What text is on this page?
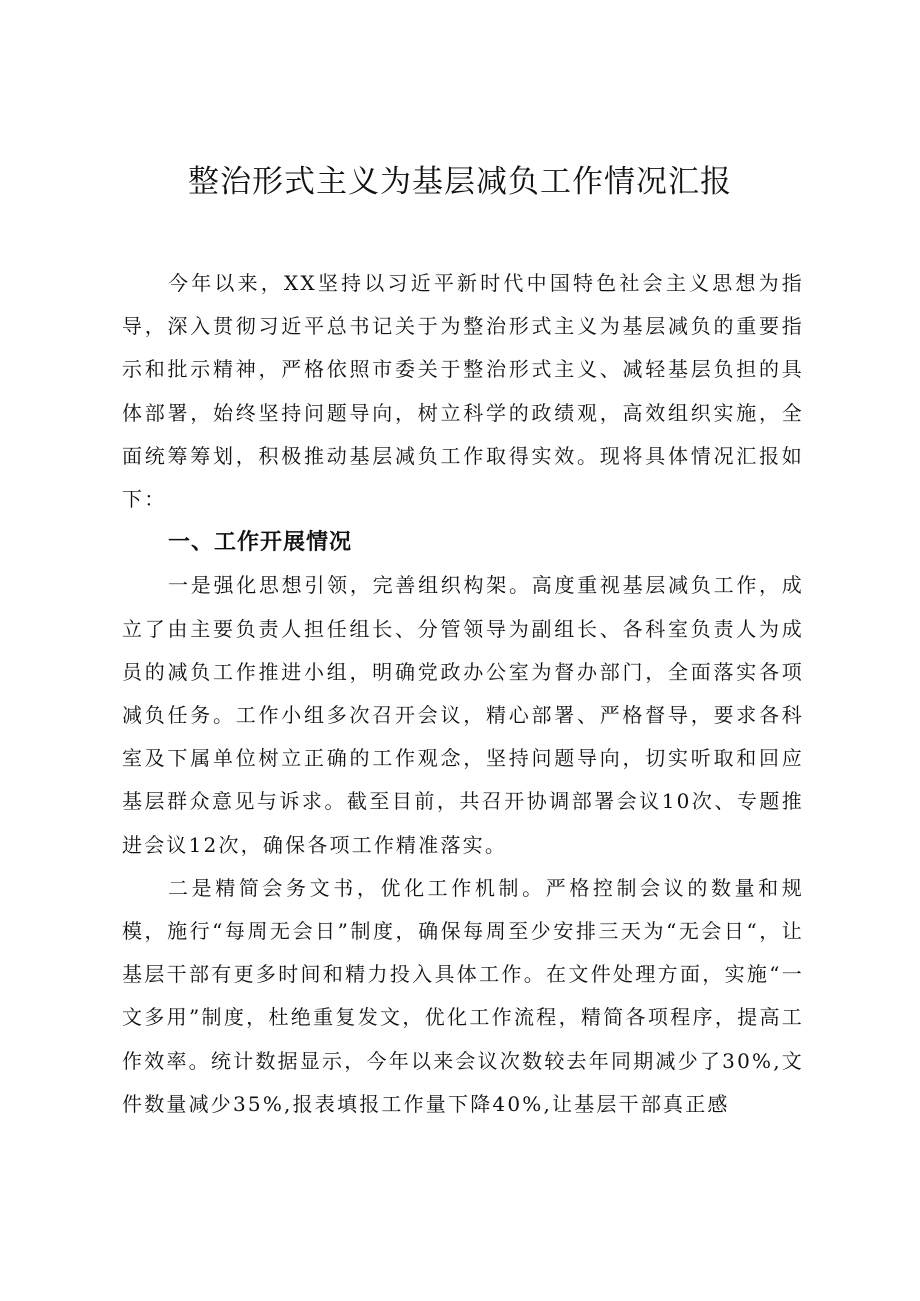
整治形式主义为基层减负工作情况汇报

今年以来，XX坚持以习近平新时代中国特色社会主义思想为指导，深入贯彻习近平总书记关于为整治形式主义为基层减负的重要指示和批示精神，严格依照市委关于整治形式主义、减轻基层负担的具体部署，始终坚持问题导向，树立科学的政绩观，高效组织实施，全面统筹筹划，积极推动基层减负工作取得实效。现将具体情况汇报如下：

一、工作开展情况

一是强化思想引领，完善组织构架。高度重视基层减负工作，成立了由主要负责人担任组长、分管领导为副组长、各科室负责人为成员的减负工作推进小组，明确党政办公室为督办部门，全面落实各项减负任务。工作小组多次召开会议，精心部署、严格督导，要求各科室及下属单位树立正确的工作观念，坚持问题导向，切实听取和回应基层群众意见与诉求。截至目前，共召开协调部署会议10次、专题推进会议12次，确保各项工作精准落实。

二是精简会务文书，优化工作机制。严格控制会议的数量和规模，施行“每周无会日”制度，确保每周至少安排三天为“无会日“，让基层干部有更多时间和精力投入具体工作。在文件处理方面，实施“一文多用”制度，杜绝重复发文，优化工作流程，精简各项程序，提高工作效率。统计数据显示，今年以来会议次数较去年同期减少了30%,文件数量减少35%,报表填报工作量下降40%,让基层干部真正感
